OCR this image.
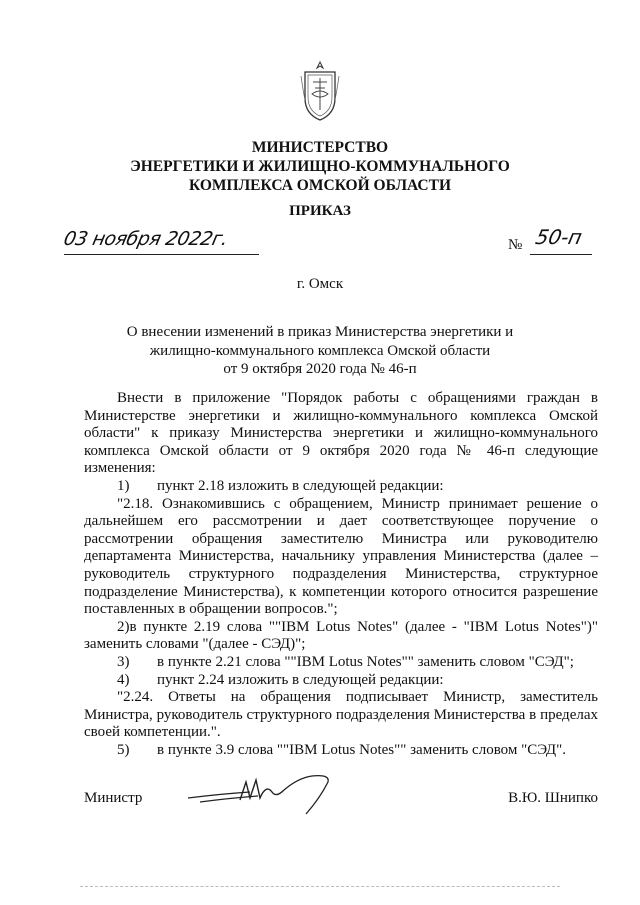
МИНИСТЕРСТВО
ЭНЕРГЕТИКИ И ЖИЛИЩНО-КОММУНАЛЬНОГО
КОМПЛЕКСА ОМСКОЙ ОБЛАСТИ
ПРИКАЗ
03 ноября 2022г.	№ 50-п
г. Омск
О внесении изменений в приказ Министерства энергетики и
жилищно-коммунального комплекса Омской области
от 9 октября 2020 года № 46-п

Внести в приложение "Порядок работы с обращениями граждан в Министерстве энергетики и жилищно-коммунального комплекса Омской области" к приказу Министерства энергетики и жилищно-коммунального комплекса Омской области от 9 октября 2020 года № 46-п следующие изменения:

1) пункт 2.18 изложить в следующей редакции:

"2.18. Ознакомившись с обращением, Министр принимает решение о дальнейшем его рассмотрении и дает соответствующее поручение о рассмотрении обращения заместителю Министра или руководителю департамента Министерства, начальнику управления Министерства (далее – руководитель структурного подразделения Министерства, структурное подразделение Министерства), к компетенции которого относится разрешение поставленных в обращении вопросов.";

2)в пункте 2.19 слова ""IBM Lotus Notes" (далее - "IBM Lotus Notes")" заменить словами "(далее - СЭД)";

3) в пункте 2.21 слова ""IBM Lotus Notes"" заменить словом "СЭД";

4) пункт 2.24 изложить в следующей редакции:

"2.24. Ответы на обращения подписывает Министр, заместитель Министра, руководитель структурного подразделения Министерства в пределах своей компетенции.".

5) в пункте 3.9 слова ""IBM Lotus Notes"" заменить словом "СЭД".

Министр	В.Ю. Шнипко
